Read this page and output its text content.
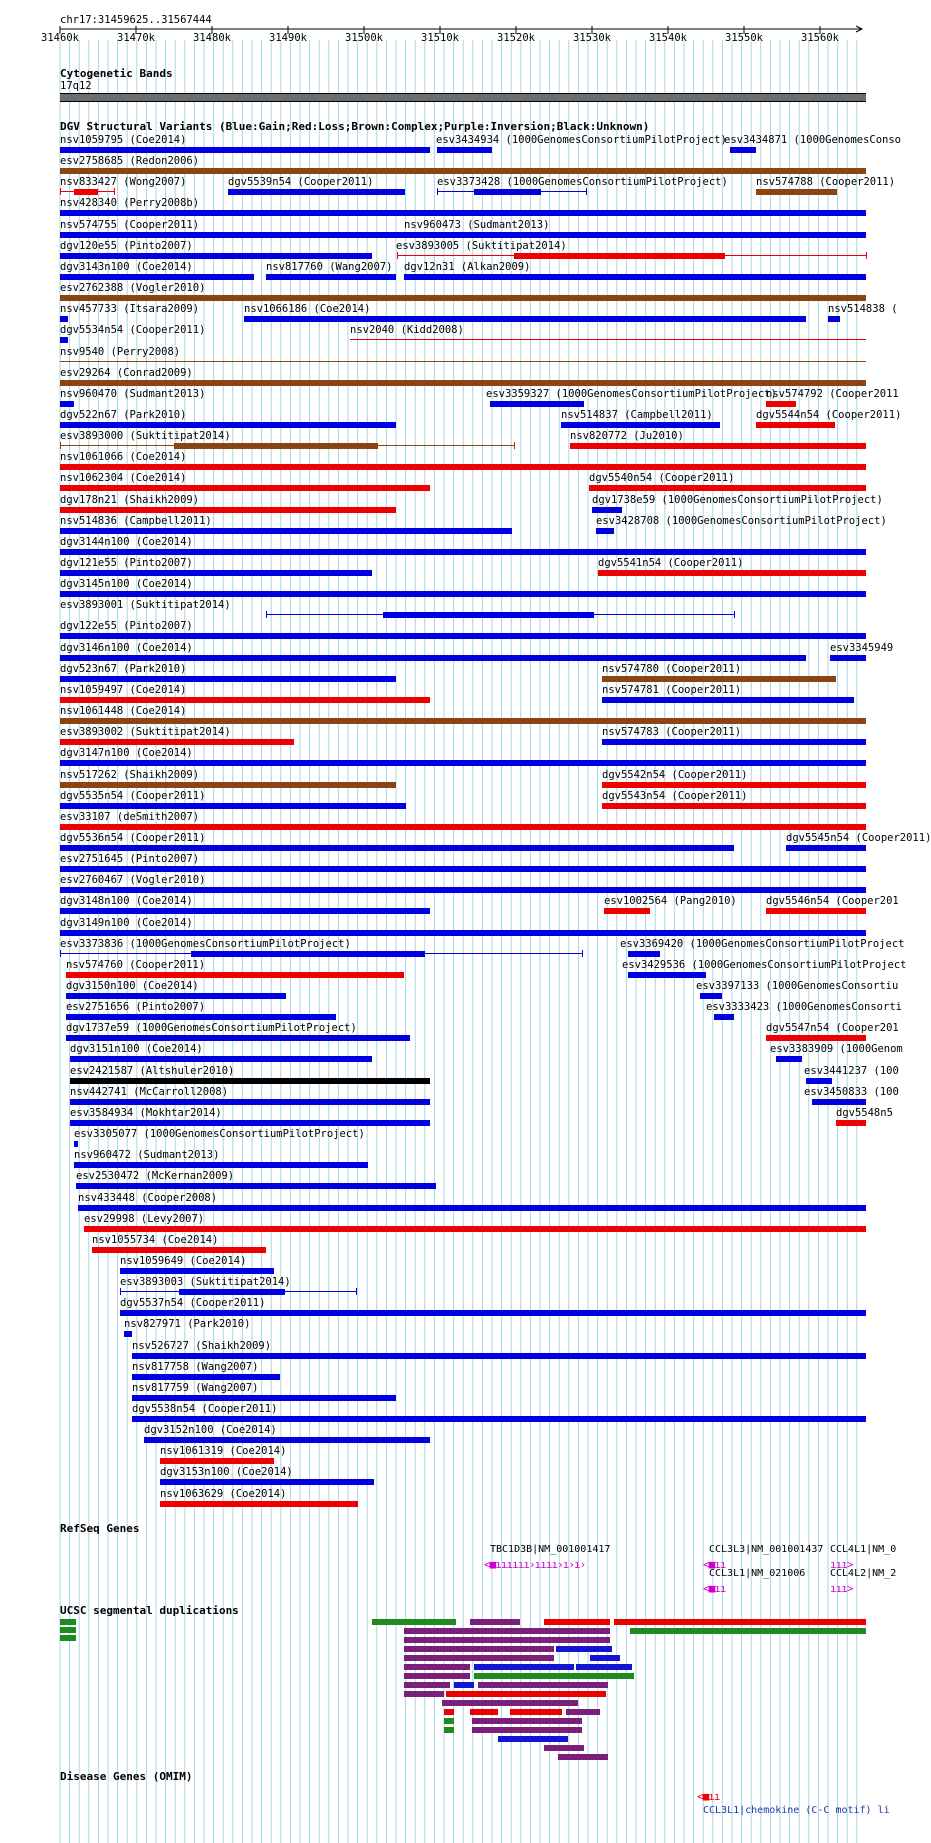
chr17:31459625..31567444
31460k	31470k	31480k	31490k	31500k	31510k	31520k	31530k	31540k	31550k	31560k
Cytogenetic Bands
17q12
DGV Structural Variants (Blue:Gain;Red:Loss;Brown:Complex;Purple:Inversion;Black:Unknown)
nsv1059795 (Coe2014)	esv3434934 (1000GenomesConsortiumPilotProject)
esv3434871 (1000GenomesConso
esv2758685 (Redon2006)
nsv833427 (Wong2007)	dgv5539n54 (Cooper2011)	esv3373428 (1000GenomesConsortiumPilotProject)	nsv574788 (Cooper2011)
nsv428340 (Perry2008b)
nsv574755 (Cooper2011)	nsv960473 (Sudmant2013)
dgv120e55 (Pinto2007)	esv3893005 (Suktitipat2014)
dgv3143n100 (Coe2014)	nsv817760 (Wang2007) dgv12n31 (Alkan2009)
esv2762388 (Vogler2010)
nsv457733 (Itsara2009)	nsv1066186 (Coe2014)	nsv514838 (
dgv5534n54 (Cooper2011)	nsv2040 (Kidd2008)
nsv9540 (Perry2008)
esv29264 (Conrad2009)
nsv960470 (Sudmant2013)	esv3359327 (1000GenomesConsortiumPilotProject)
nsv574792 (Cooper2011
dgv522n67 (Park2010)	nsv514837 (Campbell2011)	dgv5544n54 (Cooper2011)
esv3893000 (Suktitipat2014)	nsv820772 (Ju2010)
nsv1061066 (Coe2014)
nsv1062304 (Coe2014)	dgv5540n54 (Cooper2011)
dgv178n21 (Shaikh2009)	dgv1738e59 (1000GenomesConsortiumPilotProject)
nsv514836 (Campbell2011)	esv3428708 (1000GenomesConsortiumPilotProject)
dgv3144n100 (Coe2014)
dgv121e55 (Pinto2007)	dgv5541n54 (Cooper2011)
dgv3145n100 (Coe2014)
esv3893001 (Suktitipat2014)
dgv122e55 (Pinto2007)
dgv3146n100 (Coe2014)	esv3345949
dgv523n67 (Park2010)	nsv574780 (Cooper2011)
nsv1059497 (Coe2014)	nsv574781 (Cooper2011)
nsv1061448 (Coe2014)
esv3893002 (Suktitipat2014)	nsv574783 (Cooper2011)
dgv3147n100 (Coe2014)
nsv517262 (Shaikh2009)	dgv5542n54 (Cooper2011)
dgv5535n54 (Cooper2011)	dgv5543n54 (Cooper2011)
esv33107 (deSmith2007)
dgv5536n54 (Cooper2011)	dgv5545n54 (Cooper2011)
esv2751645 (Pinto2007)
esv2760467 (Vogler2010)
dgv3148n100 (Coe2014)	esv1002564 (Pang2010)	dgv5546n54 (Cooper201
dgv3149n100 (Coe2014)
esv3373836 (1000GenomesConsortiumPilotProject)	esv3369420 (1000GenomesConsortiumPilotProject
nsv574760 (Cooper2011)	esv3429536 (1000GenomesConsortiumPilotProject
dgv3150n100 (Coe2014)	esv3397133 (1000GenomesConsortiu
esv2751656 (Pinto2007)	esv3333423 (1000GenomesConsorti
dgv1737e59 (1000GenomesConsortiumPilotProject)	dgv5547n54 (Cooper201
dgv3151n100 (Coe2014)	esv3383909 (1000Genom
esv2421587 (Altshuler2010)	esv3441237 (100
nsv442741 (McCarroll2008)	esv3450833 (100
esv3584934 (Mokhtar2014)	dgv5548n5
esv3305077 (1000GenomesConsortiumPilotProject)
nsv960472 (Sudmant2013)
esv2530472 (McKernan2009)
nsv433448 (Cooper2008)
esv29998 (Levy2007)
nsv1055734 (Coe2014)
nsv1059649 (Coe2014)
esv3893003 (Suktitipat2014)
dgv5537n54 (Cooper2011)
nsv827971 (Park2010)
nsv526727 (Shaikh2009)
nsv817758 (Wang2007)
nsv817759 (Wang2007)
dgv5538n54 (Cooper2011)
dgv3152n100 (Coe2014)
nsv1061319 (Coe2014)
dgv3153n100 (Coe2014)
nsv1063629 (Coe2014)
RefSeq Genes
TBC1D3B|NM_001001417
<■ıııııı›ıııı›ı›ı›
CCL3L3|NM_001001437
<■ıı
CCL4L1|NM_0
ııı>
CCL3L1|NM_021006
<■ıı
CCL4L2|NM_2
ııı>
UCSC segmental duplications
Disease Genes (OMIM)
<■ıı
CCL3L1|chemokine (C-C motif) li
